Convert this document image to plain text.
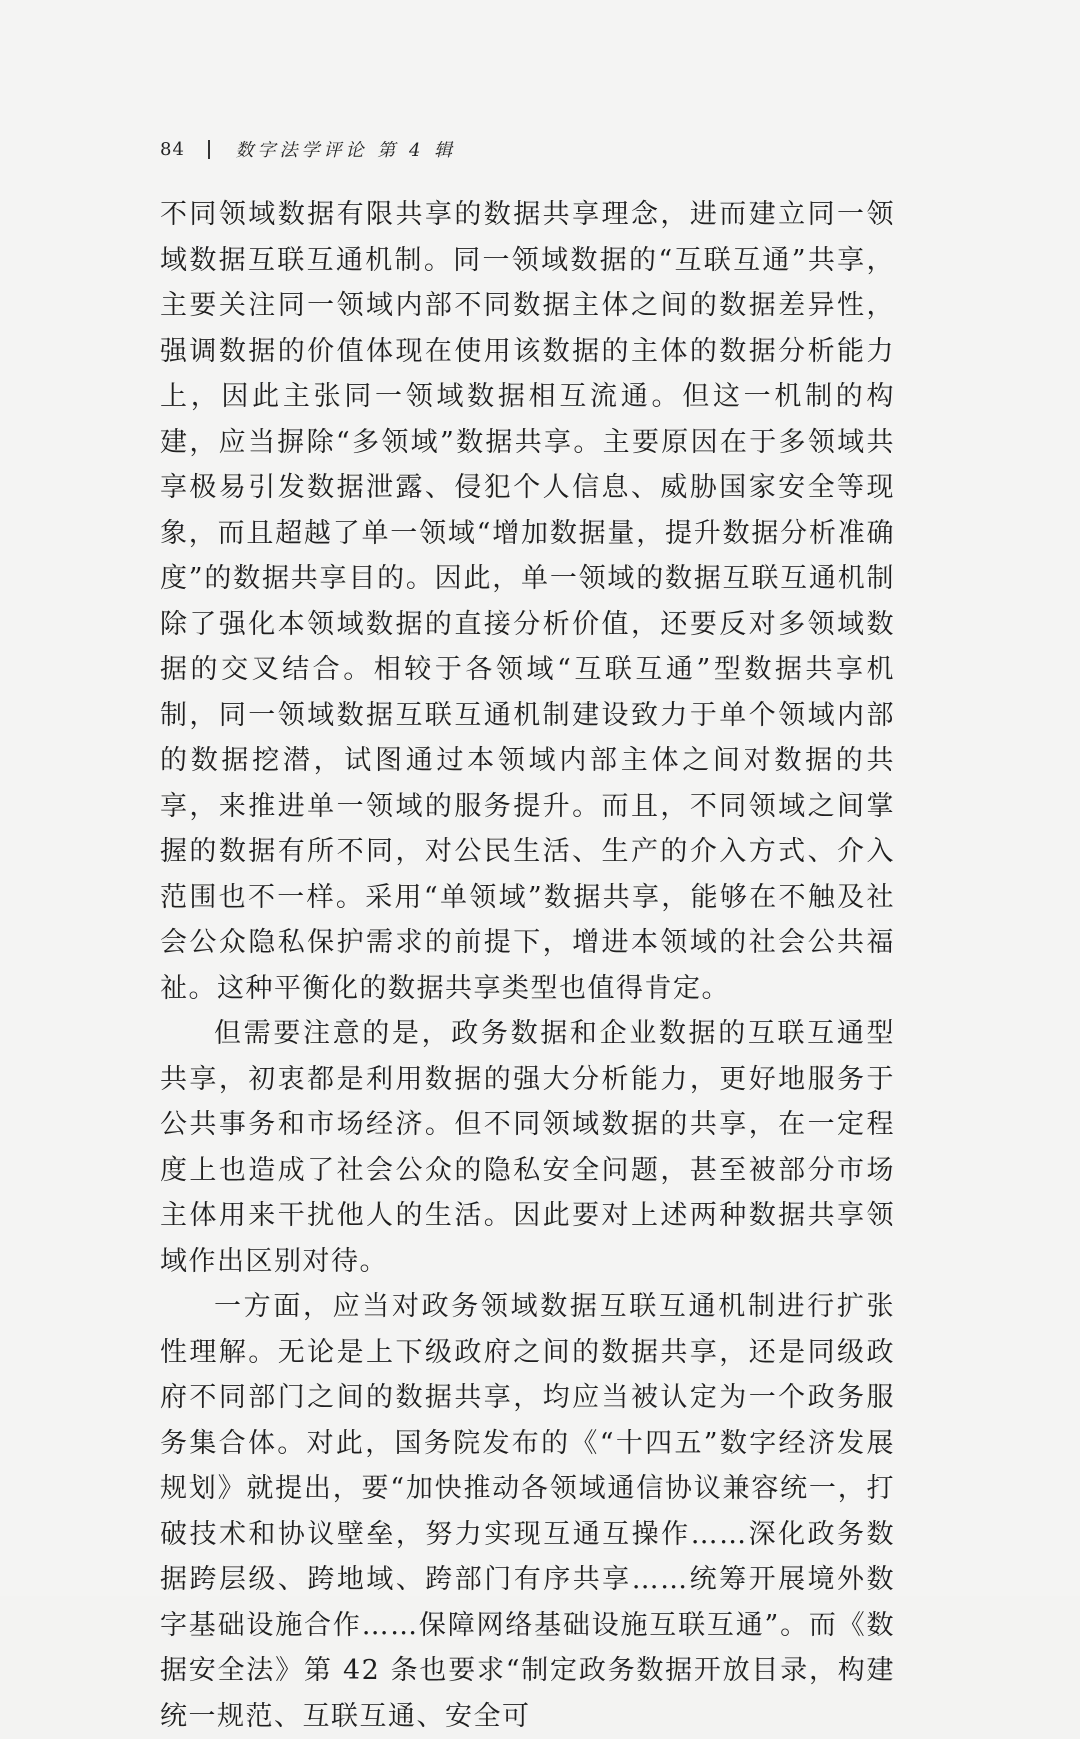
84	数字法学评论 第 4 辑

不同领域数据有限共享的数据共享理念，进而建立同一领域数据互联互通机制。同一领域数据的“互联互通”共享，主要关注同一领域内部不同数据主体之间的数据差异性，强调数据的价值体现在使用该数据的主体的数据分析能力上，因此主张同一领域数据相互流通。但这一机制的构建，应当摒除“多领域”数据共享。主要原因在于多领域共享极易引发数据泄露、侵犯个人信息、威胁国家安全等现象，而且超越了单一领域“增加数据量，提升数据分析准确度”的数据共享目的。因此，单一领域的数据互联互通机制除了强化本领域数据的直接分析价值，还要反对多领域数据的交叉结合。相较于各领域“互联互通”型数据共享机制，同一领域数据互联互通机制建设致力于单个领域内部的数据挖潜，试图通过本领域内部主体之间对数据的共享，来推进单一领域的服务提升。而且，不同领域之间掌握的数据有所不同，对公民生活、生产的介入方式、介入范围也不一样。采用“单领域”数据共享，能够在不触及社会公众隐私保护需求的前提下，增进本领域的社会公共福祉。这种平衡化的数据共享类型也值得肯定。

但需要注意的是，政务数据和企业数据的互联互通型共享，初衷都是利用数据的强大分析能力，更好地服务于公共事务和市场经济。但不同领域数据的共享，在一定程度上也造成了社会公众的隐私安全问题，甚至被部分市场主体用来干扰他人的生活。因此要对上述两种数据共享领域作出区别对待。

一方面，应当对政务领域数据互联互通机制进行扩张性理解。无论是上下级政府之间的数据共享，还是同级政府不同部门之间的数据共享，均应当被认定为一个政务服务集合体。对此，国务院发布的《“十四五”数字经济发展规划》就提出，要“加快推动各领域通信协议兼容统一，打破技术和协议壁垒，努力实现互通互操作……深化政务数据跨层级、跨地域、跨部门有序共享……统筹开展境外数字基础设施合作……保障网络基础设施互联互通”。而《数据安全法》第 42 条也要求“制定政务数据开放目录，构建统一规范、互联互通、安全可
